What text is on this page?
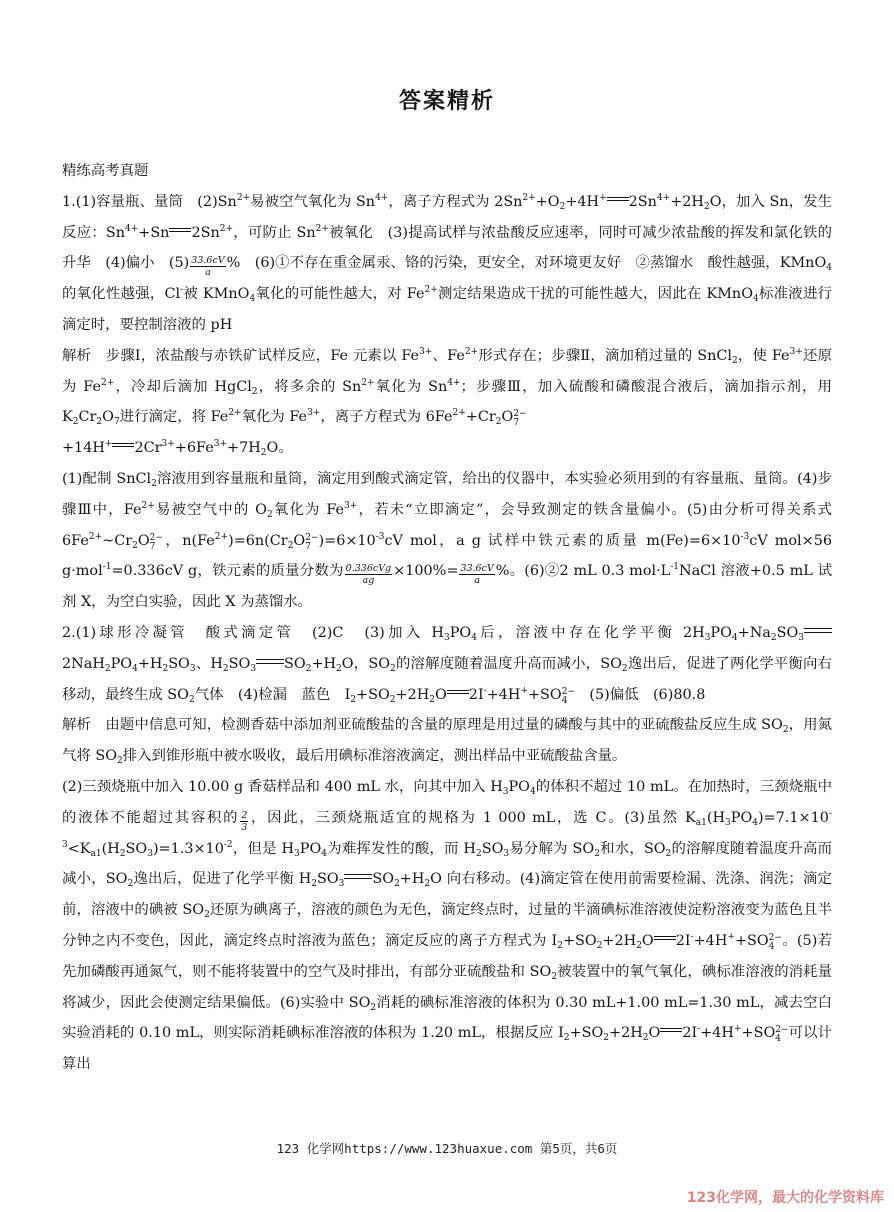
答案精析

精练高考真题

1.(1)容量瓶、量筒　$(2)Sn^{2+}$易被空气氧化为 $Sn^{4+}$，离子方程式为 $2Sn^{2+}+O_2+4H^+$ $2Sn^{4+}+2H_2O$，加入 Sn，发生反应：$Sn^{4+}+Sn$ $2Sn^{2+}$，可防止 $Sn^{2+}$被氧化　(3)提高试样与浓盐酸反应速率，同时可减少浓盐酸的挥发和氯化铁的升华　(4)偏小　$(5) \frac{33.6cV}{a}$ %　(6)①不存在重金属汞、铬的污染，更安全，对环境更友好　②蒸馏水　酸性越强，KMnO$_4$的氧化性越强，Cl-被 KMnO$_4$氧化的可能性越大，对 $Fe^{2+}$测定结果造成干扰的可能性越大，因此在 KMnO$_4$标准液进行滴定时，要控制溶液的 pH

解析　步骤Ⅰ，浓盐酸与赤铁矿试样反应，Fe 元素以 $Fe^{3+}$、$Fe^{2+}$形式存在；步骤Ⅱ，滴加稍过量的 SnCl$_2$，使 $Fe^{3+}$还原为 $Fe^{2+}$，冷却后滴加 HgCl$_2$，将多余的 $Sn^{2+}$氧化为 $Sn^{4+}$；步骤Ⅲ，加入硫酸和磷酸混合液后，滴加指示剂，用 $K_2Cr_2O_7$进行滴定，将 $Fe^{2+}$氧化为 $Fe^{3+}$，离子方程式为 $6Fe^{2+}+Cr_2O$ 2−
7

+14H+ $2Cr^{3+}+6Fe^{3+}+7H_2O$。

(1)配制 SnCl$_2$溶液用到容量瓶和量筒，滴定用到酸式滴定管，给出的仪器中，本实验必须用到的有容量瓶、量筒。(4)步骤Ⅲ中，$Fe^{2+}$易被空气中的 $O_2$氧化为 $Fe^{3+}$，若未“立即滴定”，会导致测定的铁含量偏小。(5)由分析可得关系式 $6Fe^{2+}\sim Cr_2O$ 2−
7 ，$n(Fe^{2+})=6n(Cr_2O$ 2−
7 )$=6\times 10^{-3}cV$ mol，a g 试样中铁元素的质量 $m(Fe)=6\times 10^{-3}cV$ mol×56 g·mol$^{-1}$=0.336cV g，铁元素的质量分数为 $\frac{\text{0.336cVg}}{ag} \times 100\%= \frac{33.6cV}{a}$ %。(6)②2 mL 0.3 $mol\cdot L^{-1}NaCl$ 溶液+0.5 mL 试剂 X，为空白实验，因此 X 为蒸馏水。

2.(1)球形冷凝管　酸式滴定管　(2)C　(3)加入 $H_3PO_4$后，溶液中存在化学平衡 $2H_3PO_4+Na_2SO_32NaH_2PO_4+H_2SO_3$、$H_2SO_3$ $SO_2+H_2O$，$SO_2$的溶解度随着温度升高而减小，$SO_2$逸出后，促进了两化学平衡向右移动，最终生成 $SO_2$气体　(4)检漏　蓝色　$I_2+SO_2+2H_2O$ 2I-+4H++SO 2−
4 　(5)偏低　(6)80.8

解析　由题中信息可知，检测香菇中添加剂亚硫酸盐的含量的原理是用过量的磷酸与其中的亚硫酸盐反应生成 $SO_2$，用氮气将 $SO_2$排入到锥形瓶中被水吸收，最后用碘标准溶液滴定，测出样品中亚硫酸盐含量。

(2)三颈烧瓶中加入 10.00 g 香菇样品和 400 mL 水，向其中加入 $H_3PO_4$的体积不超过 10 mL。在加热时，三颈烧瓶中的液体不能超过其容积的 $\frac{2}{3}$ ，因此，三颈烧瓶适宜的规格为 1 000 mL，选 C。(3)虽然 $K_{a1}(H_3PO_4)=7.1\times 10^{-3}<K_{a1}(H_2SO_3)=1.3\times 10^{-2}$，但是 $H_3PO_4$为难挥发性的酸，而 $H_2SO_3$易分解为 $SO_2$和水，$SO_2$的溶解度随着温度升高而减小，$SO_2$逸出后，促进了化学平衡 $H_2SO_3$ $SO_2+H_2O$ 向右移动。(4)滴定管在使用前需要检漏、洗涤、润洗；滴定前，溶液中的碘被 $SO_2$还原为碘离子，溶液的颜色为无色，滴定终点时，过量的半滴碘标准溶液使淀粉溶液变为蓝色且半分钟之内不变色，因此，滴定终点时溶液为蓝色；滴定反应的离子方程式为 $I_2+SO_2+2H_2O$ 2I-+4H++SO 2−
4 。(5)若先加磷酸再通氮气，则不能将装置中的空气及时排出，有部分亚硫酸盐和 $SO_2$被装置中的氧气氧化，碘标准溶液的消耗量将减少，因此会使测定结果偏低。(6)实验中 $SO_2$消耗的碘标准溶液的体积为 0.30 mL+1.00 mL=1.30 mL，减去空白实验消耗的 0.10 mL，则实际消耗碘标准溶液的体积为 1.20 mL，根据反应 $I_2+SO_2+2H_2O$ 2I-+4H++SO 2−
4 可以计算出

123 化学网https://www.123huaxue.com 第5页，共6页
123化学网，最大的化学资料库
